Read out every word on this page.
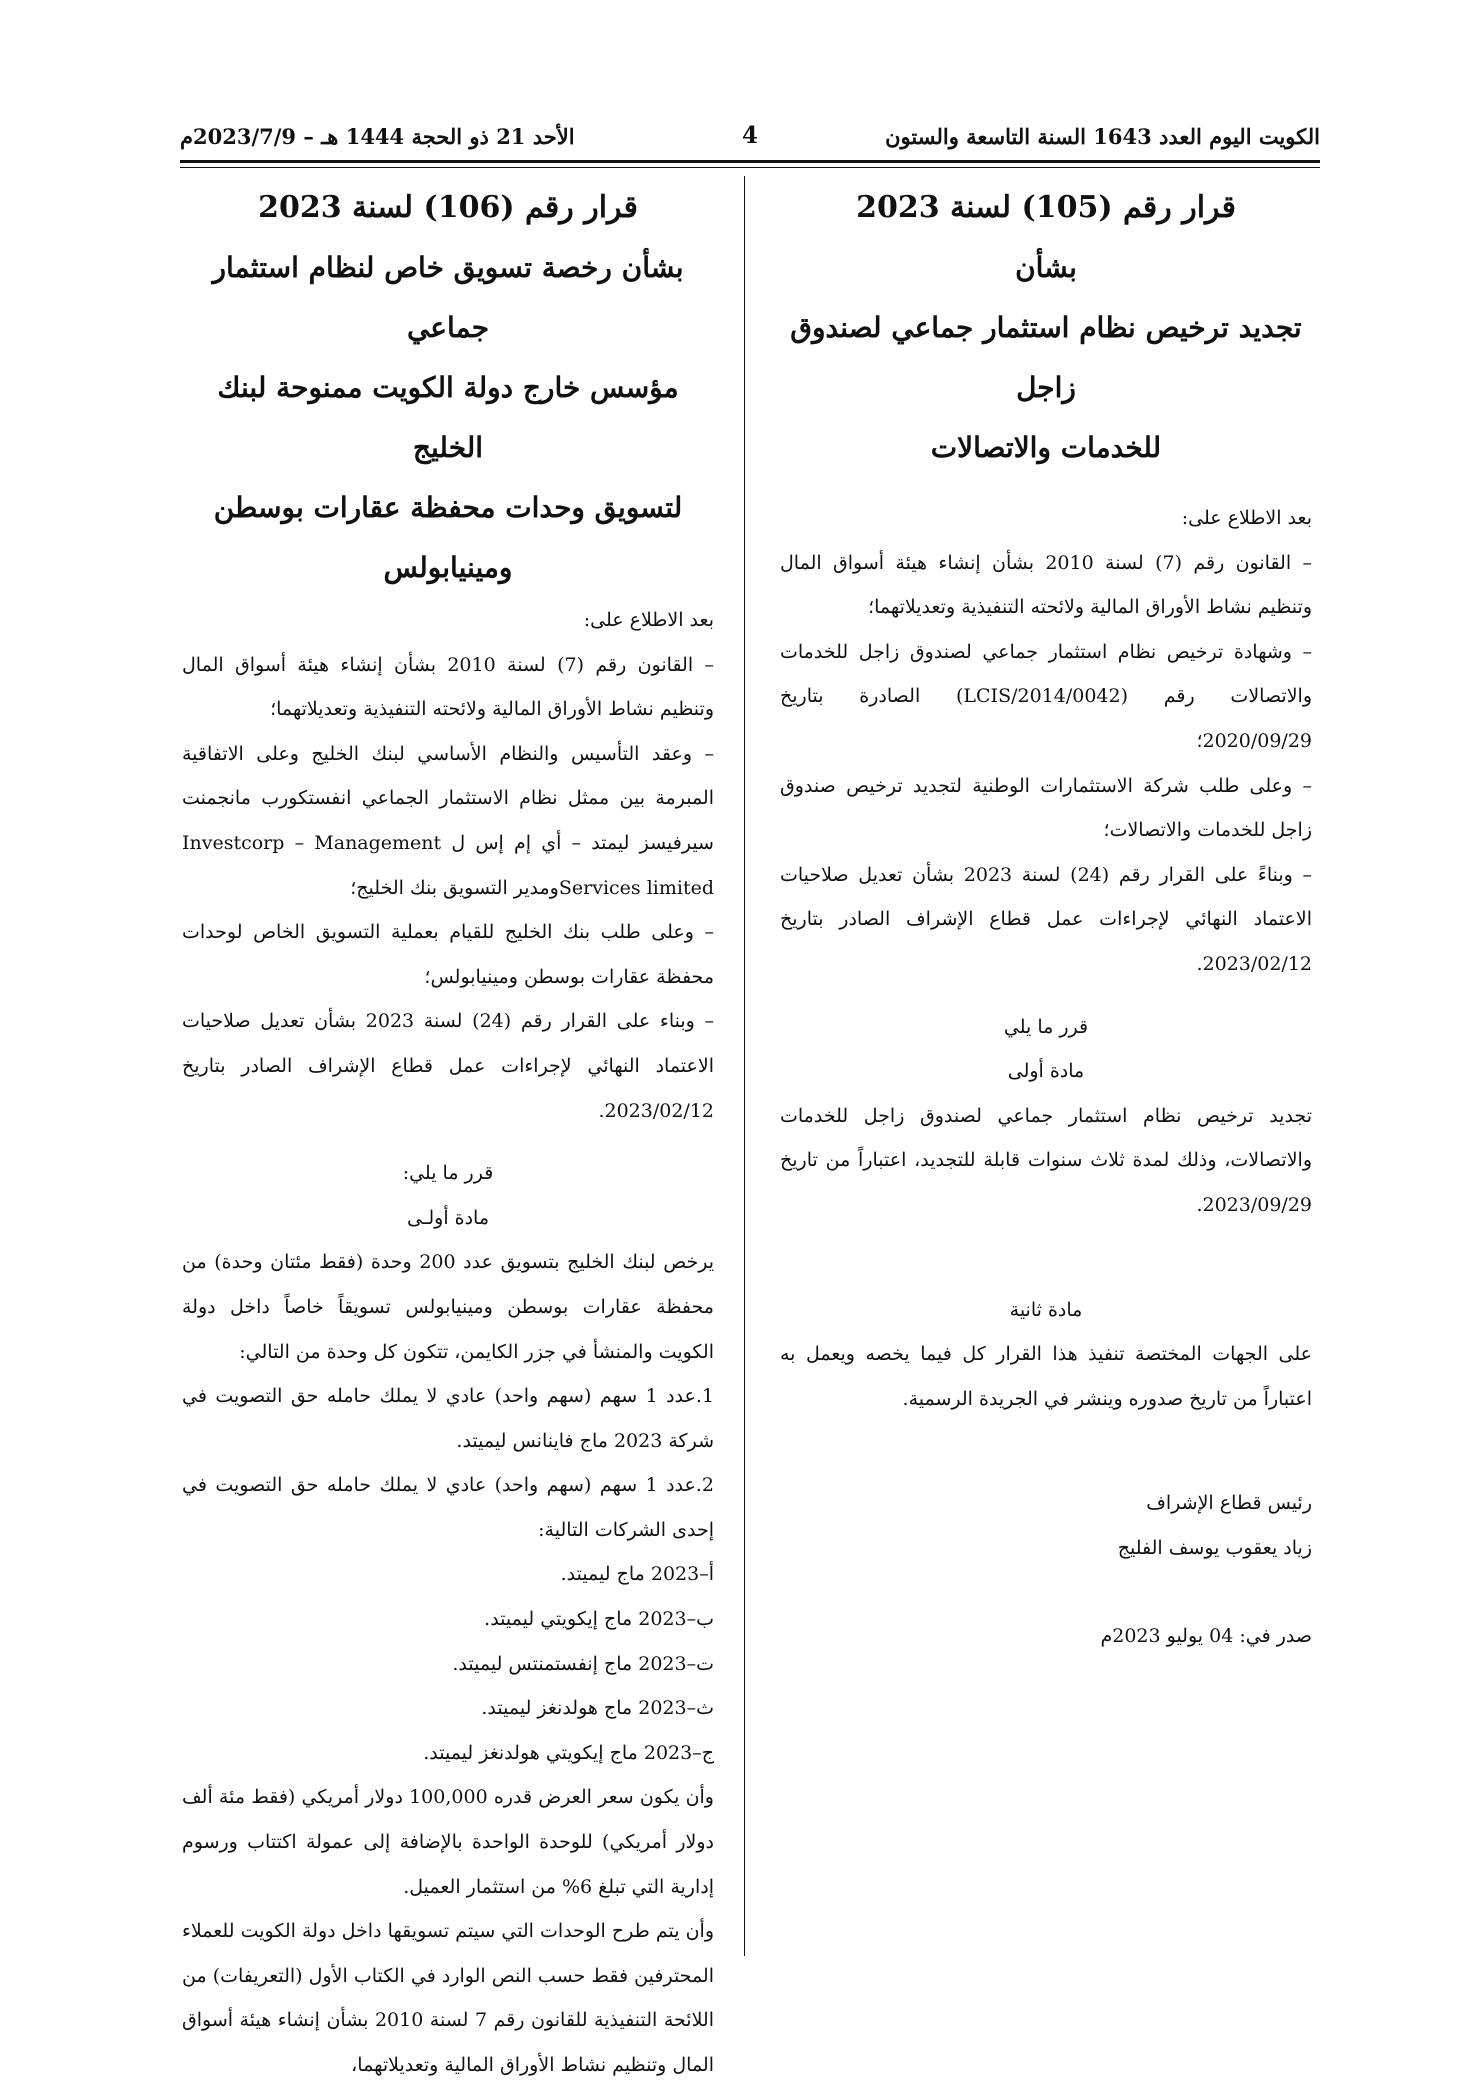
الكويت اليوم العدد 1643 السنة التاسعة والستون
4
الأحد 21 ذو الحجة 1444 هـ – 2023/7/9م

قرار رقم (105) لسنة 2023

بشأن

تجديد ترخيص نظام استثمار جماعي لصندوق زاجل

للخدمات والاتصالات

بعد الاطلاع على:

– القانون رقم (7) لسنة 2010 بشأن إنشاء هيئة أسواق المال وتنظيم نشاط الأوراق المالية ولائحته التنفيذية وتعديلاتهما؛

– وشهادة ترخيص نظام استثمار جماعي لصندوق زاجل للخدمات والاتصالات رقم (LCIS/2014/0042) الصادرة بتاريخ 2020/09/29؛

– وعلى طلب شركة الاستثمارات الوطنية لتجديد ترخيص صندوق زاجل للخدمات والاتصالات؛

– وبناءً على القرار رقم (24) لسنة 2023 بشأن تعديل صلاحيات الاعتماد النهائي لإجراءات عمل قطاع الإشراف الصادر بتاريخ 2023/02/12.

قرر ما يلي

مادة أولى

تجديد ترخيص نظام استثمار جماعي لصندوق زاجل للخدمات والاتصالات، وذلك لمدة ثلاث سنوات قابلة للتجديد، اعتباراً من تاريخ 2023/09/29.

مادة ثانية

على الجهات المختصة تنفيذ هذا القرار كل فيما يخصه ويعمل به اعتباراً من تاريخ صدوره وينشر في الجريدة الرسمية.

رئيس قطاع الإشراف

زياد يعقوب يوسف الفليج

صدر في: 04 يوليو 2023م

قرار رقم (106) لسنة 2023

بشأن رخصة تسويق خاص لنظام استثمار جماعي

مؤسس خارج دولة الكويت ممنوحة لبنك الخليج

لتسويق وحدات محفظة عقارات بوسطن ومينيابولس

بعد الاطلاع على:

– القانون رقم (7) لسنة 2010 بشأن إنشاء هيئة أسواق المال وتنظيم نشاط الأوراق المالية ولائحته التنفيذية وتعديلاتهما؛

– وعقد التأسيس والنظام الأساسي لبنك الخليج وعلى الاتفاقية المبرمة بين ممثل نظام الاستثمار الجماعي انفستكورب مانجمنت سيرفيسز ليمتد – أي إم إس ل Investcorp – Management Services limitedومدير التسويق بنك الخليج؛

– وعلى طلب بنك الخليج للقيام بعملية التسويق الخاص لوحدات محفظة عقارات بوسطن ومينيابولس؛

– وبناء على القرار رقم (24) لسنة 2023 بشأن تعديل صلاحيات الاعتماد النهائي لإجراءات عمل قطاع الإشراف الصادر بتاريخ 2023/02/12.

قرر ما يلي:

مادة أولـى

يرخص لبنك الخليج بتسويق عدد 200 وحدة (فقط مئتان وحدة) من محفظة عقارات بوسطن ومينيابولس تسويقاً خاصاً داخل دولة الكويت والمنشأ في جزر الكايمن، تتكون كل وحدة من التالي:

1.عدد 1 سهم (سهم واحد) عادي لا يملك حامله حق التصويت في شركة 2023 ماج فاينانس ليميتد.

2.عدد 1 سهم (سهم واحد) عادي لا يملك حامله حق التصويت في إحدى الشركات التالية:

أ–2023 ماج ليميتد.

ب–2023 ماج إيكويتي ليميتد.

ت–2023 ماج إنفستمنتس ليميتد.

ث–2023 ماج هولدنغز ليميتد.

ج–2023 ماج إيكويتي هولدنغز ليميتد.

وأن يكون سعر العرض قدره 100,000 دولار أمريكي (فقط مئة ألف دولار أمريكي) للوحدة الواحدة بالإضافة إلى عمولة اكتتاب ورسوم إدارية التي تبلغ 6% من استثمار العميل.

وأن يتم طرح الوحدات التي سيتم تسويقها داخل دولة الكويت للعملاء المحترفين فقط حسب النص الوارد في الكتاب الأول (التعريفات) من اللائحة التنفيذية للقانون رقم 7 لسنة 2010 بشأن إنشاء هيئة أسواق المال وتنظيم نشاط الأوراق المالية وتعديلاتهما،
